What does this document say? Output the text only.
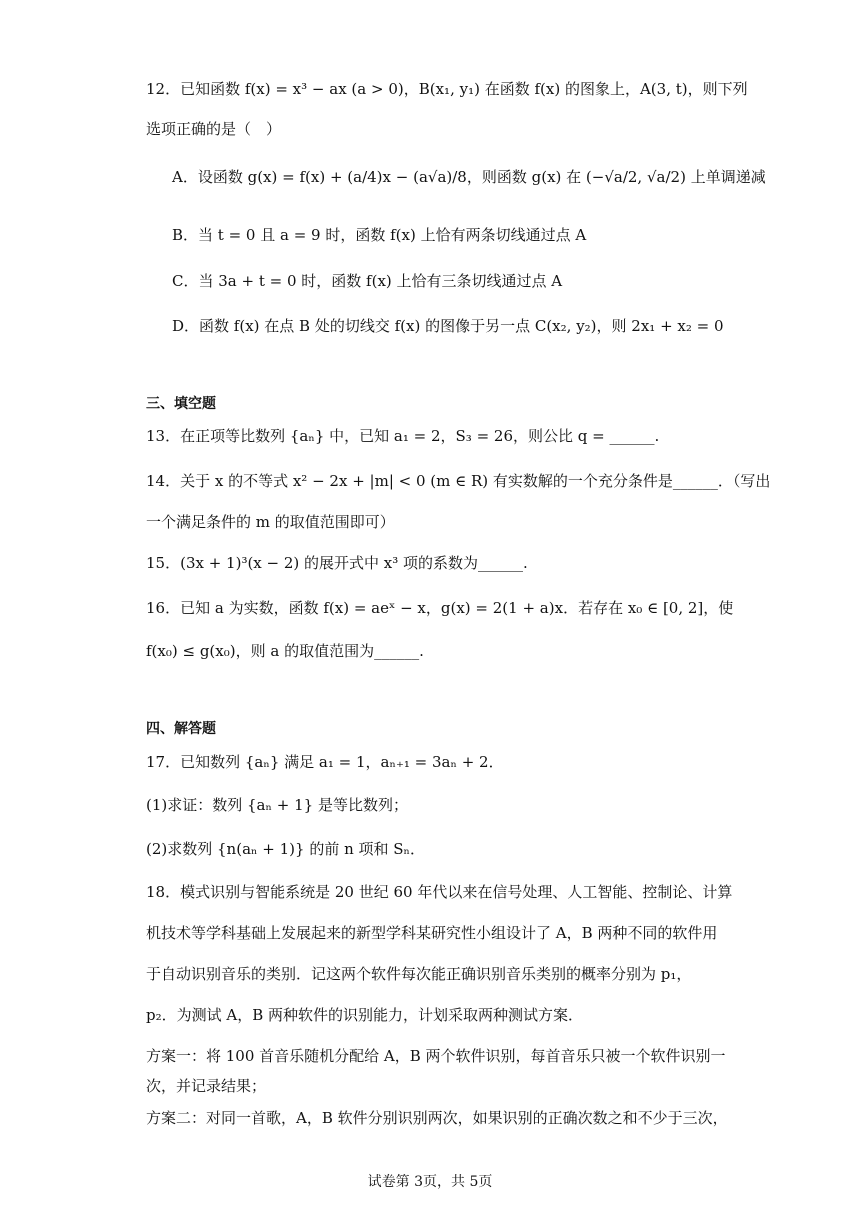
12．已知函数 f(x) = x³ − ax (a > 0)，B(x₁, y₁) 在函数 f(x) 的图象上，A(3, t)，则下列
选项正确的是（　）
A．设函数 g(x) = f(x) + (a/4)x − (a√a)/8，则函数 g(x) 在 (−√a/2, √a/2) 上单调递减
B．当 t = 0 且 a = 9 时，函数 f(x) 上恰有两条切线通过点 A
C．当 3a + t = 0 时，函数 f(x) 上恰有三条切线通过点 A
D．函数 f(x) 在点 B 处的切线交 f(x) 的图像于另一点 C(x₂, y₂)，则 2x₁ + x₂ = 0
三、填空题
13．在正项等比数列 {aₙ} 中，已知 a₁ = 2，S₃ = 26，则公比 q = ______.
14．关于 x 的不等式 x² − 2x + |m| < 0 (m ∈ R) 有实数解的一个充分条件是______．（写出
一个满足条件的 m 的取值范围即可）
15．(3x + 1)³(x − 2) 的展开式中 x³ 项的系数为______.
16．已知 a 为实数，函数 f(x) = aeˣ − x，g(x) = 2(1 + a)x．若存在 x₀ ∈ [0, 2]，使
f(x₀) ≤ g(x₀)，则 a 的取值范围为______.
四、解答题
17．已知数列 {aₙ} 满足 a₁ = 1，aₙ₊₁ = 3aₙ + 2．
(1)求证：数列 {aₙ + 1} 是等比数列；
(2)求数列 {n(aₙ + 1)} 的前 n 项和 Sₙ．
18．模式识别与智能系统是 20 世纪 60 年代以来在信号处理、人工智能、控制论、计算
机技术等学科基础上发展起来的新型学科某研究性小组设计了 A，B 两种不同的软件用
于自动识别音乐的类别．记这两个软件每次能正确识别音乐类别的概率分别为 p₁，
p₂．为测试 A，B 两种软件的识别能力，计划采取两种测试方案．
方案一：将 100 首音乐随机分配给 A，B 两个软件识别，每首音乐只被一个软件识别一
次，并记录结果；
方案二：对同一首歌，A，B 软件分别识别两次，如果识别的正确次数之和不少于三次，
试卷第 3页，共 5页
